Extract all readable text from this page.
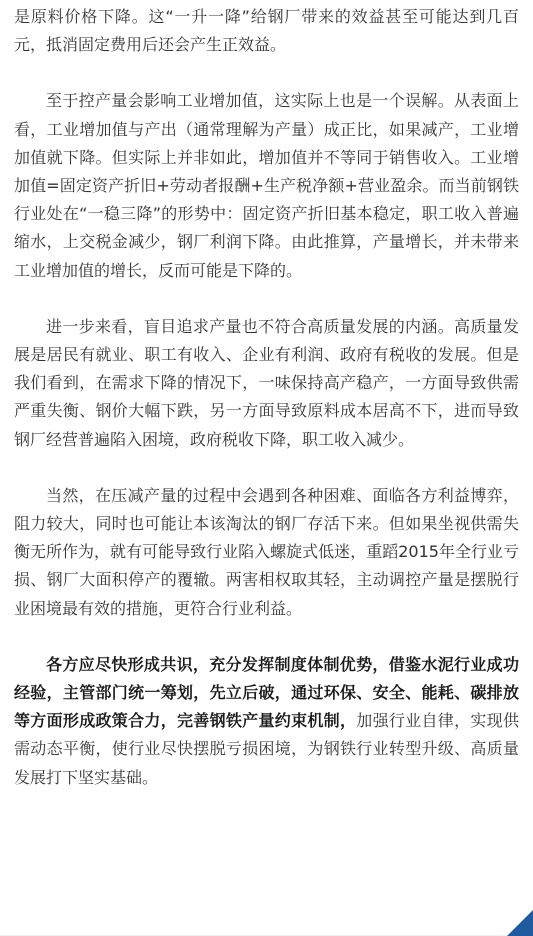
是原料价格下降。这“一升一降”给钢厂带来的效益甚至可能达到几百元，抵消固定费用后还会产生正效益。

至于控产量会影响工业增加值，这实际上也是一个误解。从表面上看，工业增加值与产出（通常理解为产量）成正比，如果减产，工业增加值就下降。但实际上并非如此，增加值并不等同于销售收入。工业增加值=固定资产折旧+劳动者报酬+生产税净额+营业盈余。而当前钢铁行业处在“一稳三降”的形势中：固定资产折旧基本稳定，职工收入普遍缩水，上交税金减少，钢厂利润下降。由此推算，产量增长，并未带来工业增加值的增长，反而可能是下降的。

进一步来看，盲目追求产量也不符合高质量发展的内涵。高质量发展是居民有就业、职工有收入、企业有利润、政府有税收的发展。但是我们看到，在需求下降的情况下，一味保持高产稳产，一方面导致供需严重失衡、钢价大幅下跌，另一方面导致原料成本居高不下，进而导致钢厂经营普遍陷入困境，政府税收下降，职工收入减少。

当然，在压减产量的过程中会遇到各种困难、面临各方利益博弈，阻力较大，同时也可能让本该淘汰的钢厂存活下来。但如果坐视供需失衡无所作为，就有可能导致行业陷入螺旋式低迷，重蹈2015年全行业亏损、钢厂大面积停产的覆辙。两害相权取其轻，主动调控产量是摆脱行业困境最有效的措施，更符合行业利益。

各方应尽快形成共识，充分发挥制度体制优势，借鉴水泥行业成功经验，主管部门统一筹划，先立后破，通过环保、安全、能耗、碳排放等方面形成政策合力，完善钢铁产量约束机制，加强行业自律，实现供需动态平衡，使行业尽快摆脱亏损困境，为钢铁行业转型升级、高质量发展打下坚实基础。
